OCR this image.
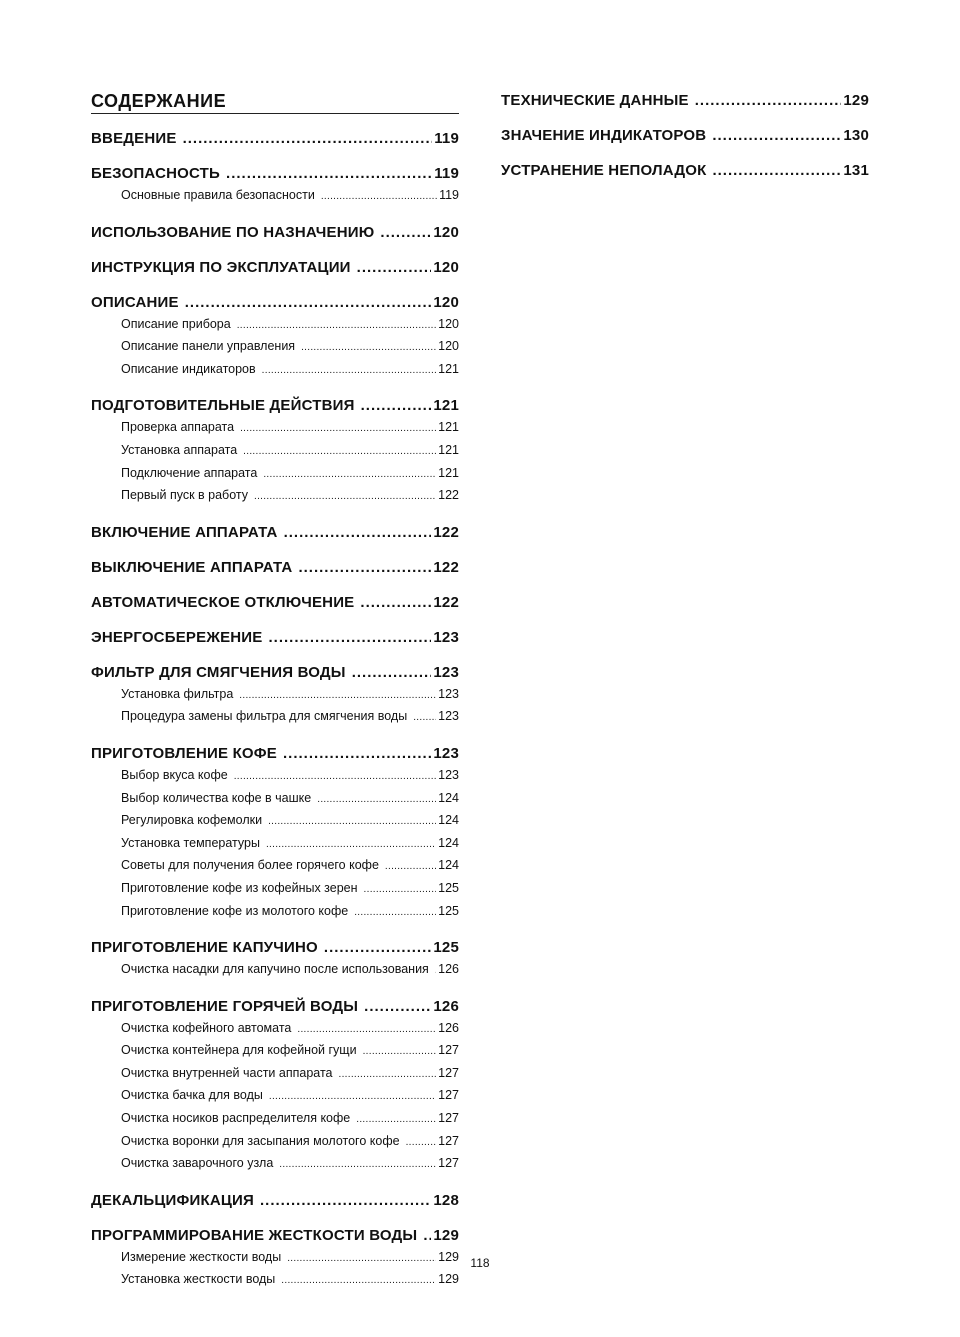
СОДЕРЖАНИЕ
ВВЕДЕНИЕ .....	119
БЕЗОПАСНОСТЬ .....	119
Основные правила безопасности .....	119
ИСПОЛЬЗОВАНИЕ ПО НАЗНАЧЕНИЮ .....	120
ИНСТРУКЦИЯ ПО ЭКСПЛУАТАЦИИ .....	120
ОПИСАНИЕ .....	120
Описание прибора .....	120
Описание панели управления .....	120
Описание индикаторов .....	121
ПОДГОТОВИТЕЛЬНЫЕ ДЕЙСТВИЯ .....	121
Проверка аппарата .....	121
Установка аппарата .....	121
Подключение аппарата .....	121
Первый пуск в работу .....	122
ВКЛЮЧЕНИЕ АППАРАТА .....	122
ВЫКЛЮЧЕНИЕ АППАРАТА .....	122
АВТОМАТИЧЕСКОЕ ОТКЛЮЧЕНИЕ .....	122
ЭНЕРГОСБЕРЕЖЕНИЕ .....	123
ФИЛЬТР ДЛЯ СМЯГЧЕНИЯ ВОДЫ .....	123
Установка фильтра .....	123
Процедура замены фильтра для смягчения воды ..... 123
ПРИГОТОВЛЕНИЕ КОФЕ .....	123
Выбор вкуса кофе .....	123
Выбор количества кофе в чашке .....	124
Регулировка кофемолки .....	124
Установка температуры .....	124
Советы для получения более горячего кофе .....	124
Приготовление кофе из кофейных зерен .....	125
Приготовление кофе из молотого кофе .....	125
ПРИГОТОВЛЕНИЕ КАПУЧИНО .....	125
Очистка насадки для капучино после использования ..... 126
ПРИГОТОВЛЕНИЕ ГОРЯЧЕЙ ВОДЫ .....	126
Очистка кофейного автомата .....	126
Очистка контейнера для кофейной гущи .....	127
Очистка внутренней части аппарата .....	127
Очистка бачка для воды .....	127
Очистка носиков распределителя кофе .....	127
Очистка воронки для засыпания молотого кофе .....	127
Очистка заварочного узла .....	127
ДЕКАЛЬЦИФИКАЦИЯ .....	128
ПРОГРАММИРОВАНИЕ ЖЕСТКОСТИ ВОДЫ ..... 129
Измерение жесткости воды .....	129
Установка жесткости воды .....	129
ТЕХНИЧЕСКИЕ ДАННЫЕ .....	129
ЗНАЧЕНИЕ ИНДИКАТОРОВ .....	130
УСТРАНЕНИЕ НЕПОЛАДОК .....	131
118
